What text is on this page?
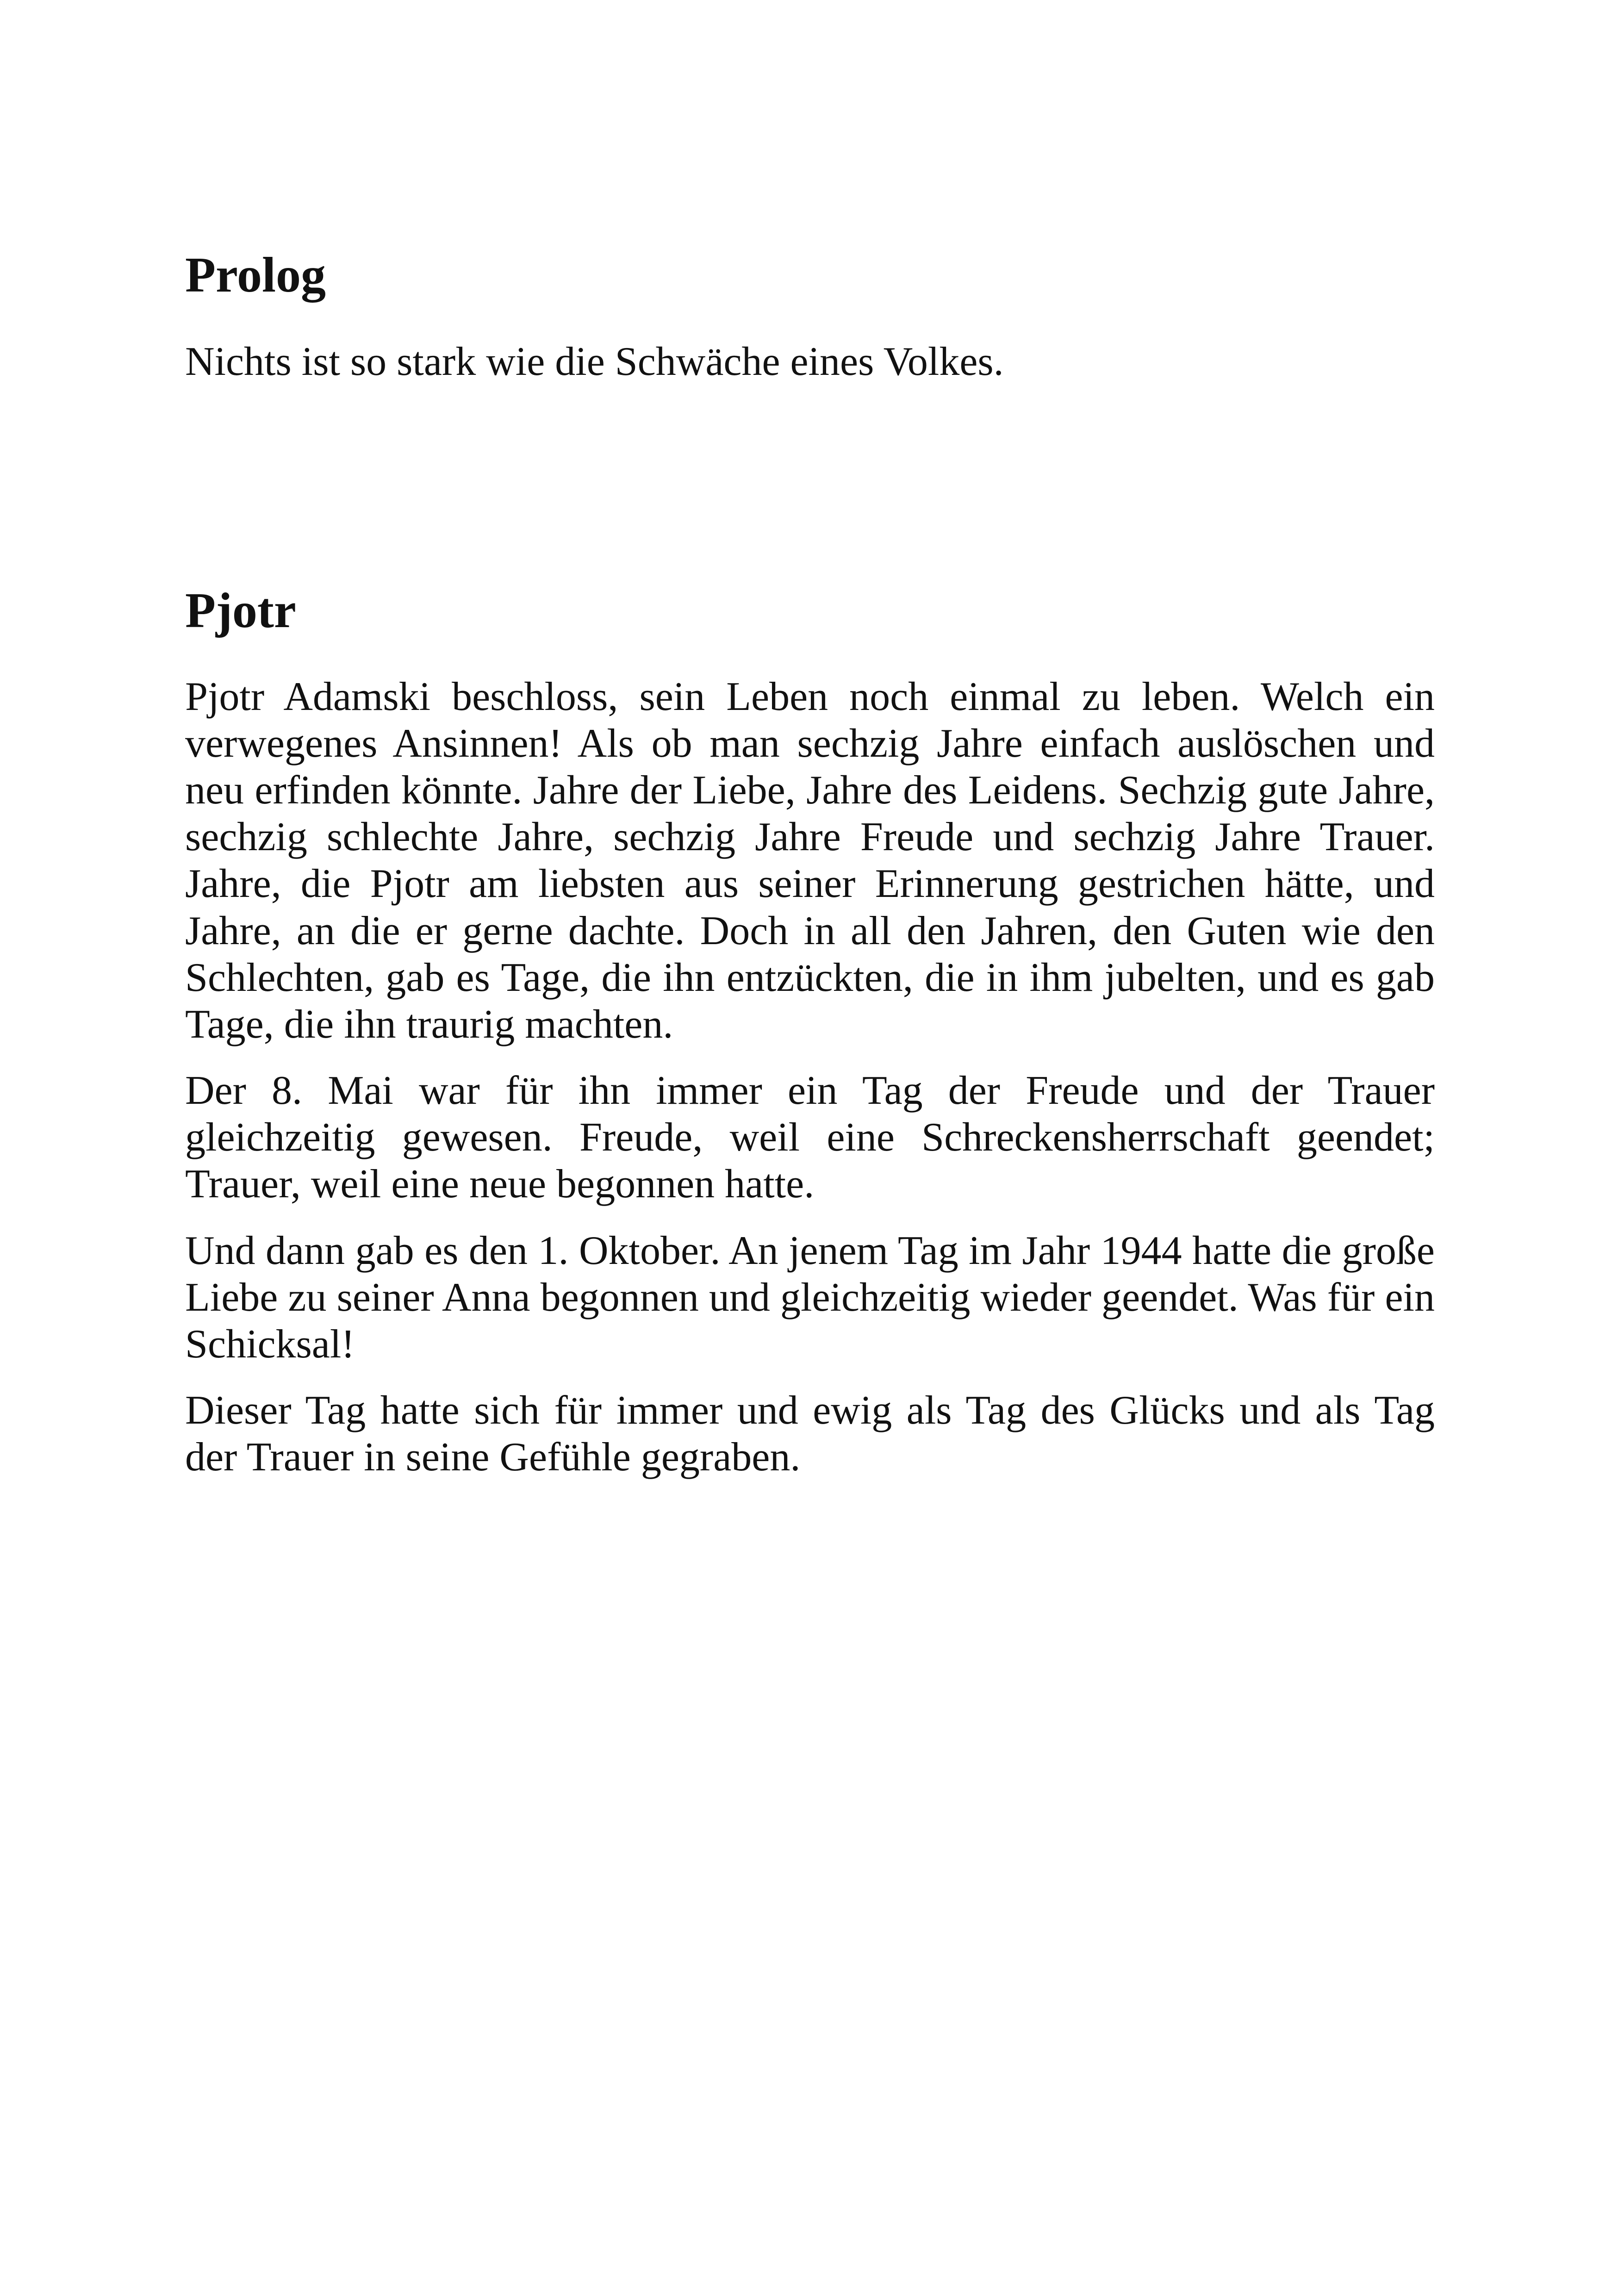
Prolog

Nichts ist so stark wie die Schwäche eines Volkes.

Pjotr

Pjotr Adamski beschloss, sein Leben noch einmal zu leben. Welch ein verwegenes Ansinnen! Als ob man sechzig Jahre einfach auslöschen und neu erfinden könnte. Jahre der Liebe, Jahre des Leidens. Sechzig gute Jahre, sechzig schlechte Jahre, sechzig Jahre Freude und sechzig Jahre Trauer. Jahre, die Pjotr am liebsten aus seiner Erinnerung gestrichen hätte, und Jahre, an die er gerne dachte. Doch in all den Jahren, den Guten wie den Schlechten, gab es Tage, die ihn entzückten, die in ihm jubelten, und es gab Tage, die ihn traurig machten.

Der 8. Mai war für ihn immer ein Tag der Freude und der Trauer gleichzeitig gewesen. Freude, weil eine Schreckensherrschaft geendet; Trauer, weil eine neue begonnen hatte.

Und dann gab es den 1. Oktober. An jenem Tag im Jahr 1944 hatte die große Liebe zu seiner Anna begonnen und gleichzeitig wieder geendet. Was für ein Schicksal!

Dieser Tag hatte sich für immer und ewig als Tag des Glücks und als Tag der Trauer in seine Gefühle gegraben.
